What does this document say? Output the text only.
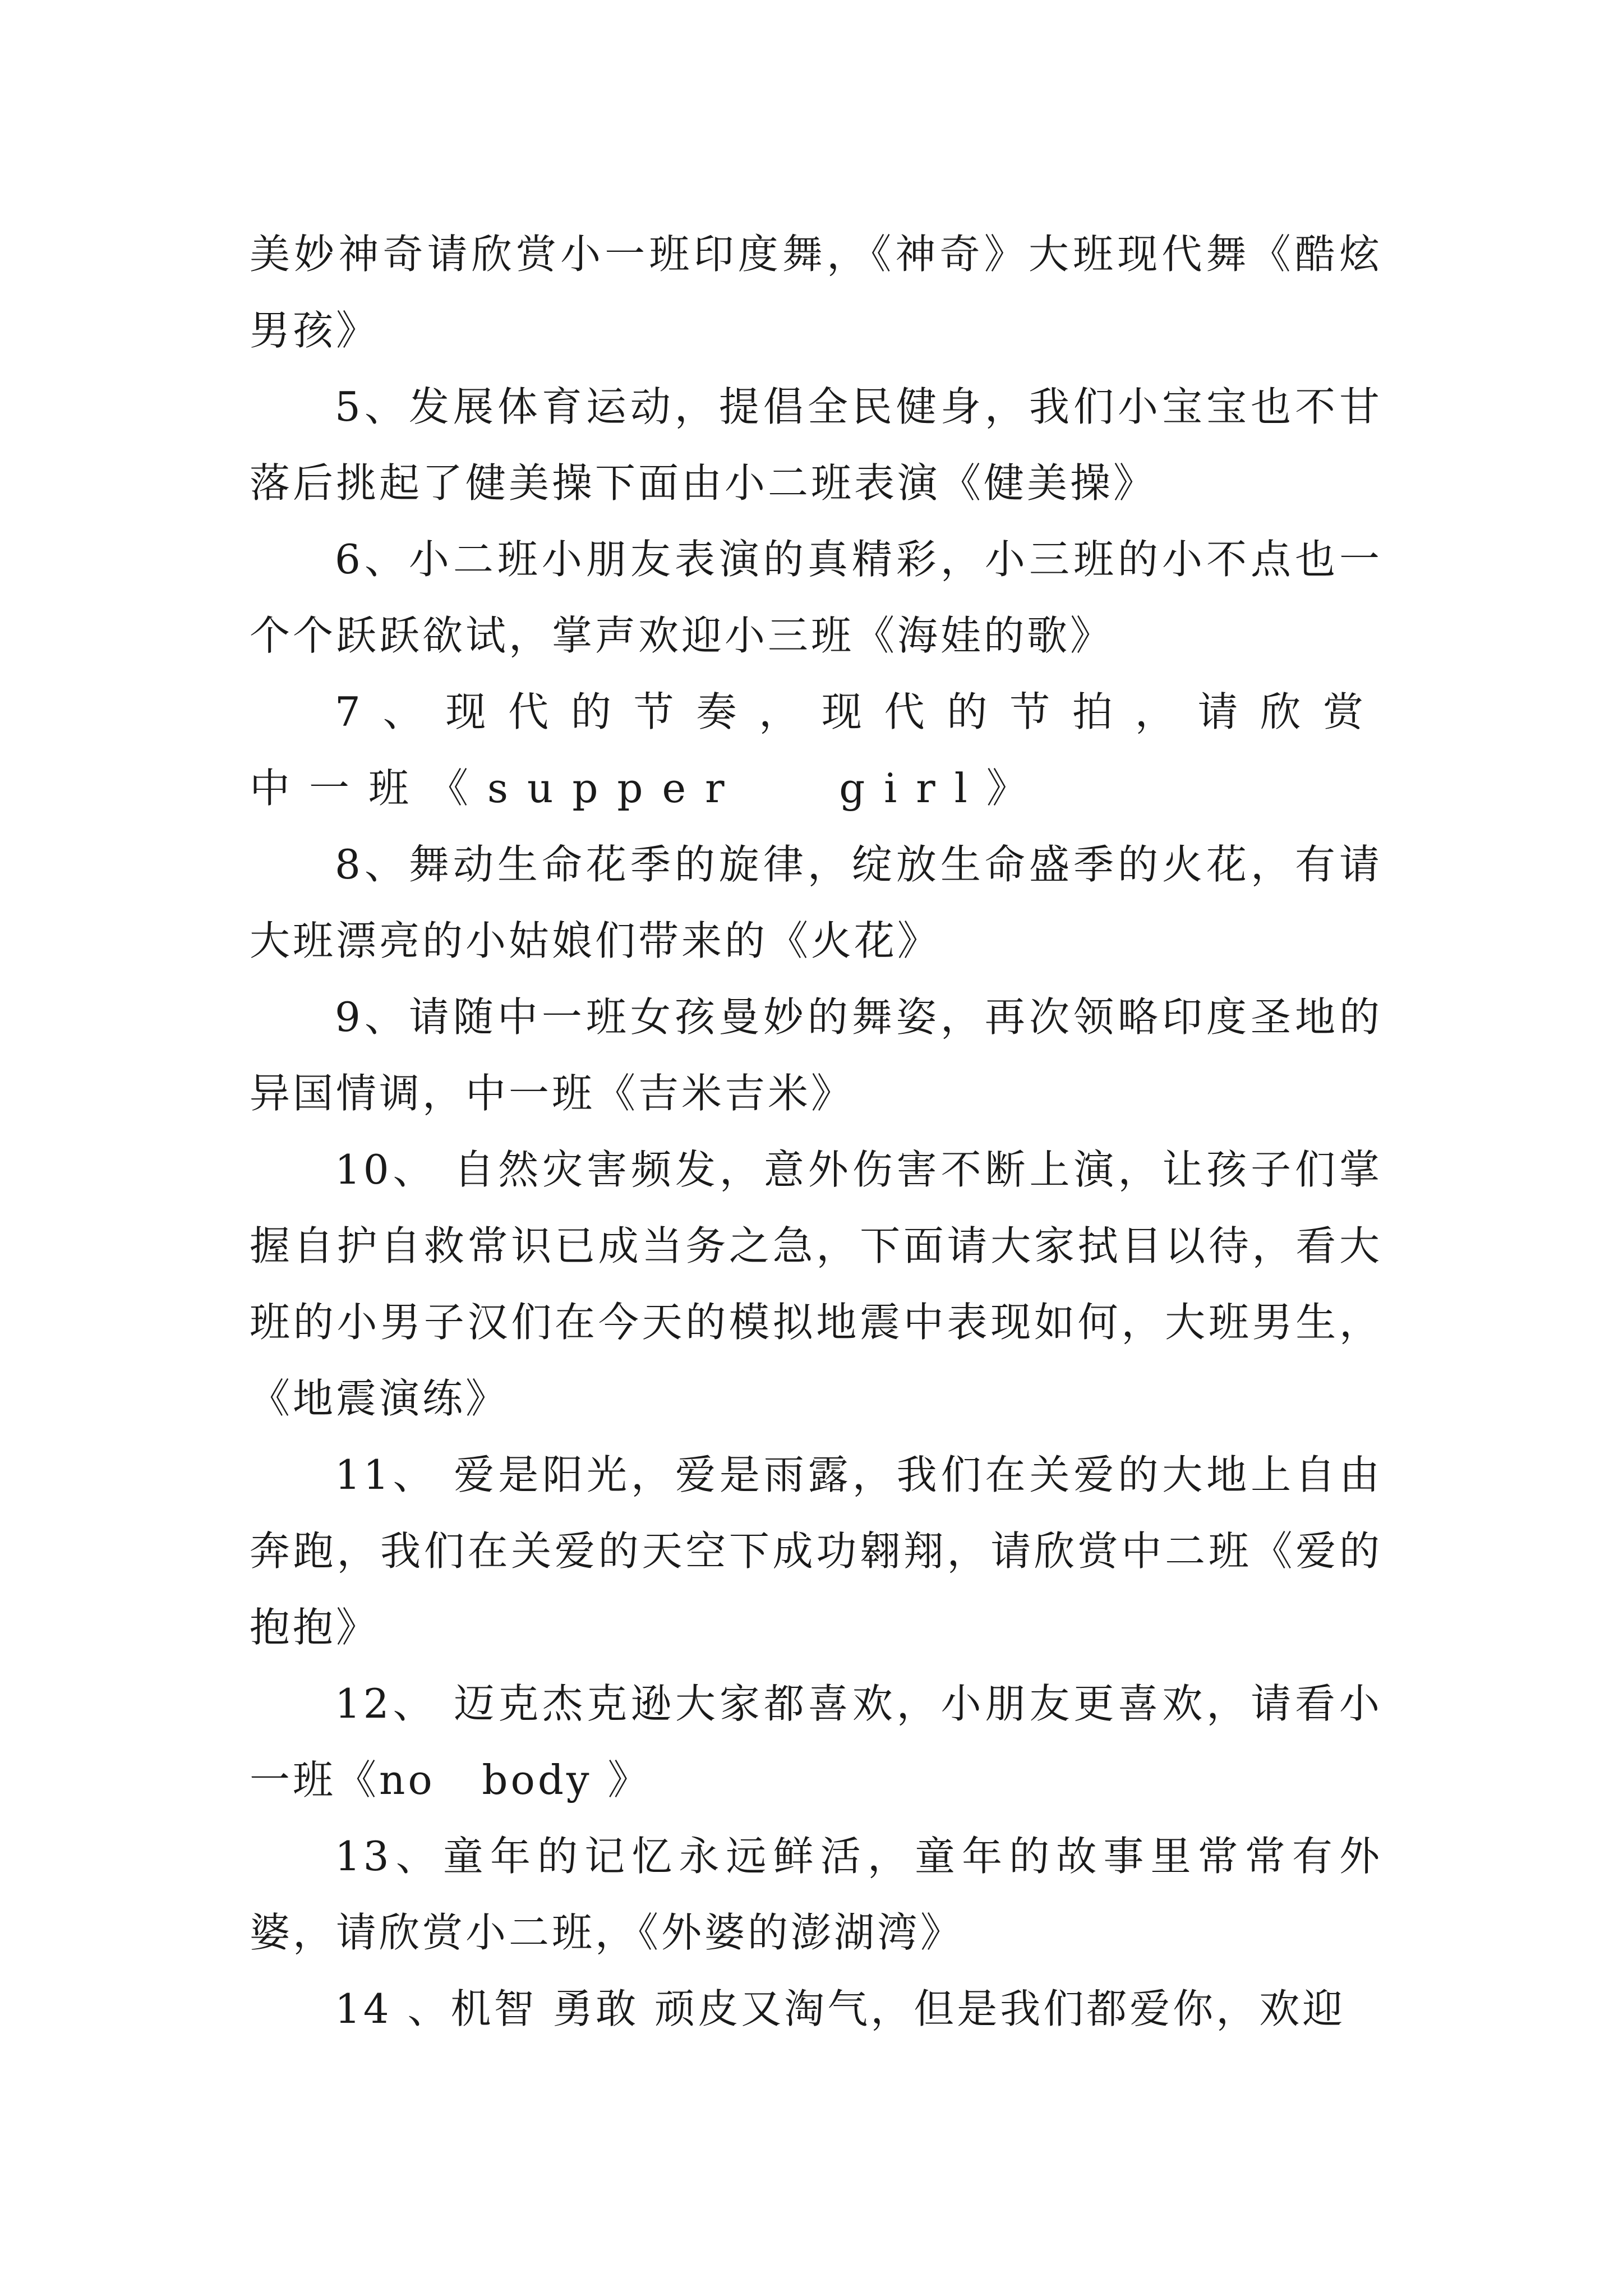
美妙神奇请欣赏小一班印度舞，《神奇》大班现代舞《酷炫男孩》

5、发展体育运动，提倡全民健身，我们小宝宝也不甘落后挑起了健美操下面由小二班表演《健美操》

6、小二班小朋友表演的真精彩，小三班的小不点也一个个跃跃欲试，掌声欢迎小三班《海娃的歌》

7、现代的节奏，现代的节拍，请欣赏中一班《supper   girl》

8、舞动生命花季的旋律，绽放生命盛季的火花，有请大班漂亮的小姑娘们带来的《火花》

9、请随中一班女孩曼妙的舞姿，再次领略印度圣地的异国情调，中一班《吉米吉米》

10、 自然灾害频发，意外伤害不断上演，让孩子们掌握自护自救常识已成当务之急，下面请大家拭目以待，看大班的小男子汉们在今天的模拟地震中表现如何，大班男生，《地震演练》

11、 爱是阳光，爱是雨露，我们在关爱的大地上自由奔跑，我们在关爱的天空下成功翱翔，请欣赏中二班《爱的抱抱》

12、 迈克杰克逊大家都喜欢，小朋友更喜欢，请看小一班《no   body 》

13、童年的记忆永远鲜活，童年的故事里常常有外婆，请欣赏小二班，《外婆的澎湖湾》

14 、机智 勇敢 顽皮又淘气，但是我们都爱你，欢迎
